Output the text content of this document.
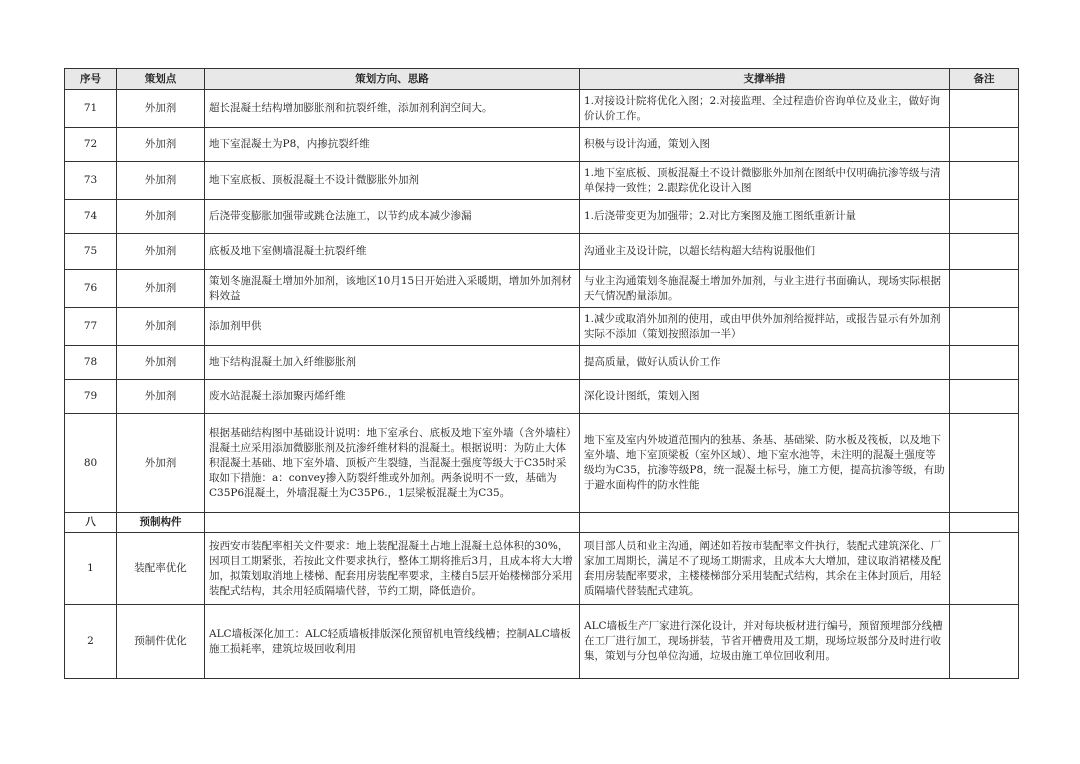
序号	策划点	策划方向、思路	支撑举措	备注
71	外加剂	超长混凝土结构增加膨胀剂和抗裂纤维，添加剂利润空间大。	1.对接设计院将优化入图；2.对接监理、全过程造价咨询单位及业主，做好询价认价工作。	
72	外加剂	地下室混凝土为P8，内掺抗裂纤维	积极与设计沟通，策划入图	
73	外加剂	地下室底板、顶板混凝土不设计微膨胀外加剂	1.地下室底板、顶板混凝土不设计微膨胀外加剂在图纸中仅明确抗渗等级与清单保持一致性；2.跟踪优化设计入图	
74	外加剂	后浇带变膨胀加强带或跳仓法施工，以节约成本减少渗漏	1.后浇带变更为加强带；2.对比方案图及施工图纸重新计量	
75	外加剂	底板及地下室侧墙混凝土抗裂纤维	沟通业主及设计院，以超长结构超大结构说服他们	
76	外加剂	策划冬施混凝土增加外加剂，该地区10月15日开始进入采暖期，增加外加剂材料效益	与业主沟通策划冬施混凝土增加外加剂，与业主进行书面确认，现场实际根据天气情况酌量添加。	
77	外加剂	添加剂甲供	1.减少或取消外加剂的使用，或由甲供外加剂给搅拌站，或报告显示有外加剂实际不添加（策划按照添加一半）	
78	外加剂	地下结构混凝土加入纤维膨胀剂	提高质量，做好认质认价工作	
79	外加剂	废水站混凝土添加聚丙烯纤维	深化设计图纸，策划入图	
80	外加剂	根据基础结构图中基础设计说明：地下室承台、底板及地下室外墙（含外墙柱）混凝土应采用添加微膨胀剂及抗渗纤维材料的混凝土。根据说明：为防止大体积混凝土基础、地下室外墙、顶板产生裂缝，当混凝土强度等级大于C35时采取如下措施：a：convey掺入防裂纤维或外加剂。两条说明不一致，基础为C35P6混凝土，外墙混凝土为C35P6.，1层梁板混凝土为C35。	地下室及室内外坡道范围内的独基、条基、基础梁、防水板及筏板，以及地下室外墙、地下室顶梁板（室外区域）、地下室水池等，未注明的混凝土强度等级均为C35，抗渗等级P8，统一混凝土标号，施工方便，提高抗渗等级，有助于避水面构件的防水性能	
八	预制构件			
1	装配率优化	按西安市装配率相关文件要求：地上装配混凝土占地上混凝土总体积的30%，因项目工期紧张，若按此文件要求执行，整体工期将推后3月，且成本将大大增加，拟策划取消地上楼梯、配套用房装配率要求，主楼自5层开始楼梯部分采用装配式结构，其余用轻质隔墙代替，节约工期，降低造价。	项目部人员和业主沟通，阐述如若按市装配率文件执行，装配式建筑深化、厂家加工周期长，满足不了现场工期需求，且成本大大增加，建议取消裙楼及配套用房装配率要求，主楼楼梯部分采用装配式结构，其余在主体封顶后，用轻质隔墙代替装配式建筑。	
2	预制件优化	ALC墙板深化加工：ALC轻质墙板排版深化预留机电管线线槽；控制ALC墙板施工损耗率，建筑垃圾回收利用	ALC墙板生产厂家进行深化设计，并对每块板材进行编号，预留预埋部分线槽在工厂进行加工，现场拼装，节省开槽费用及工期，现场垃圾部分及时进行收集，策划与分包单位沟通，垃圾由施工单位回收利用。	
